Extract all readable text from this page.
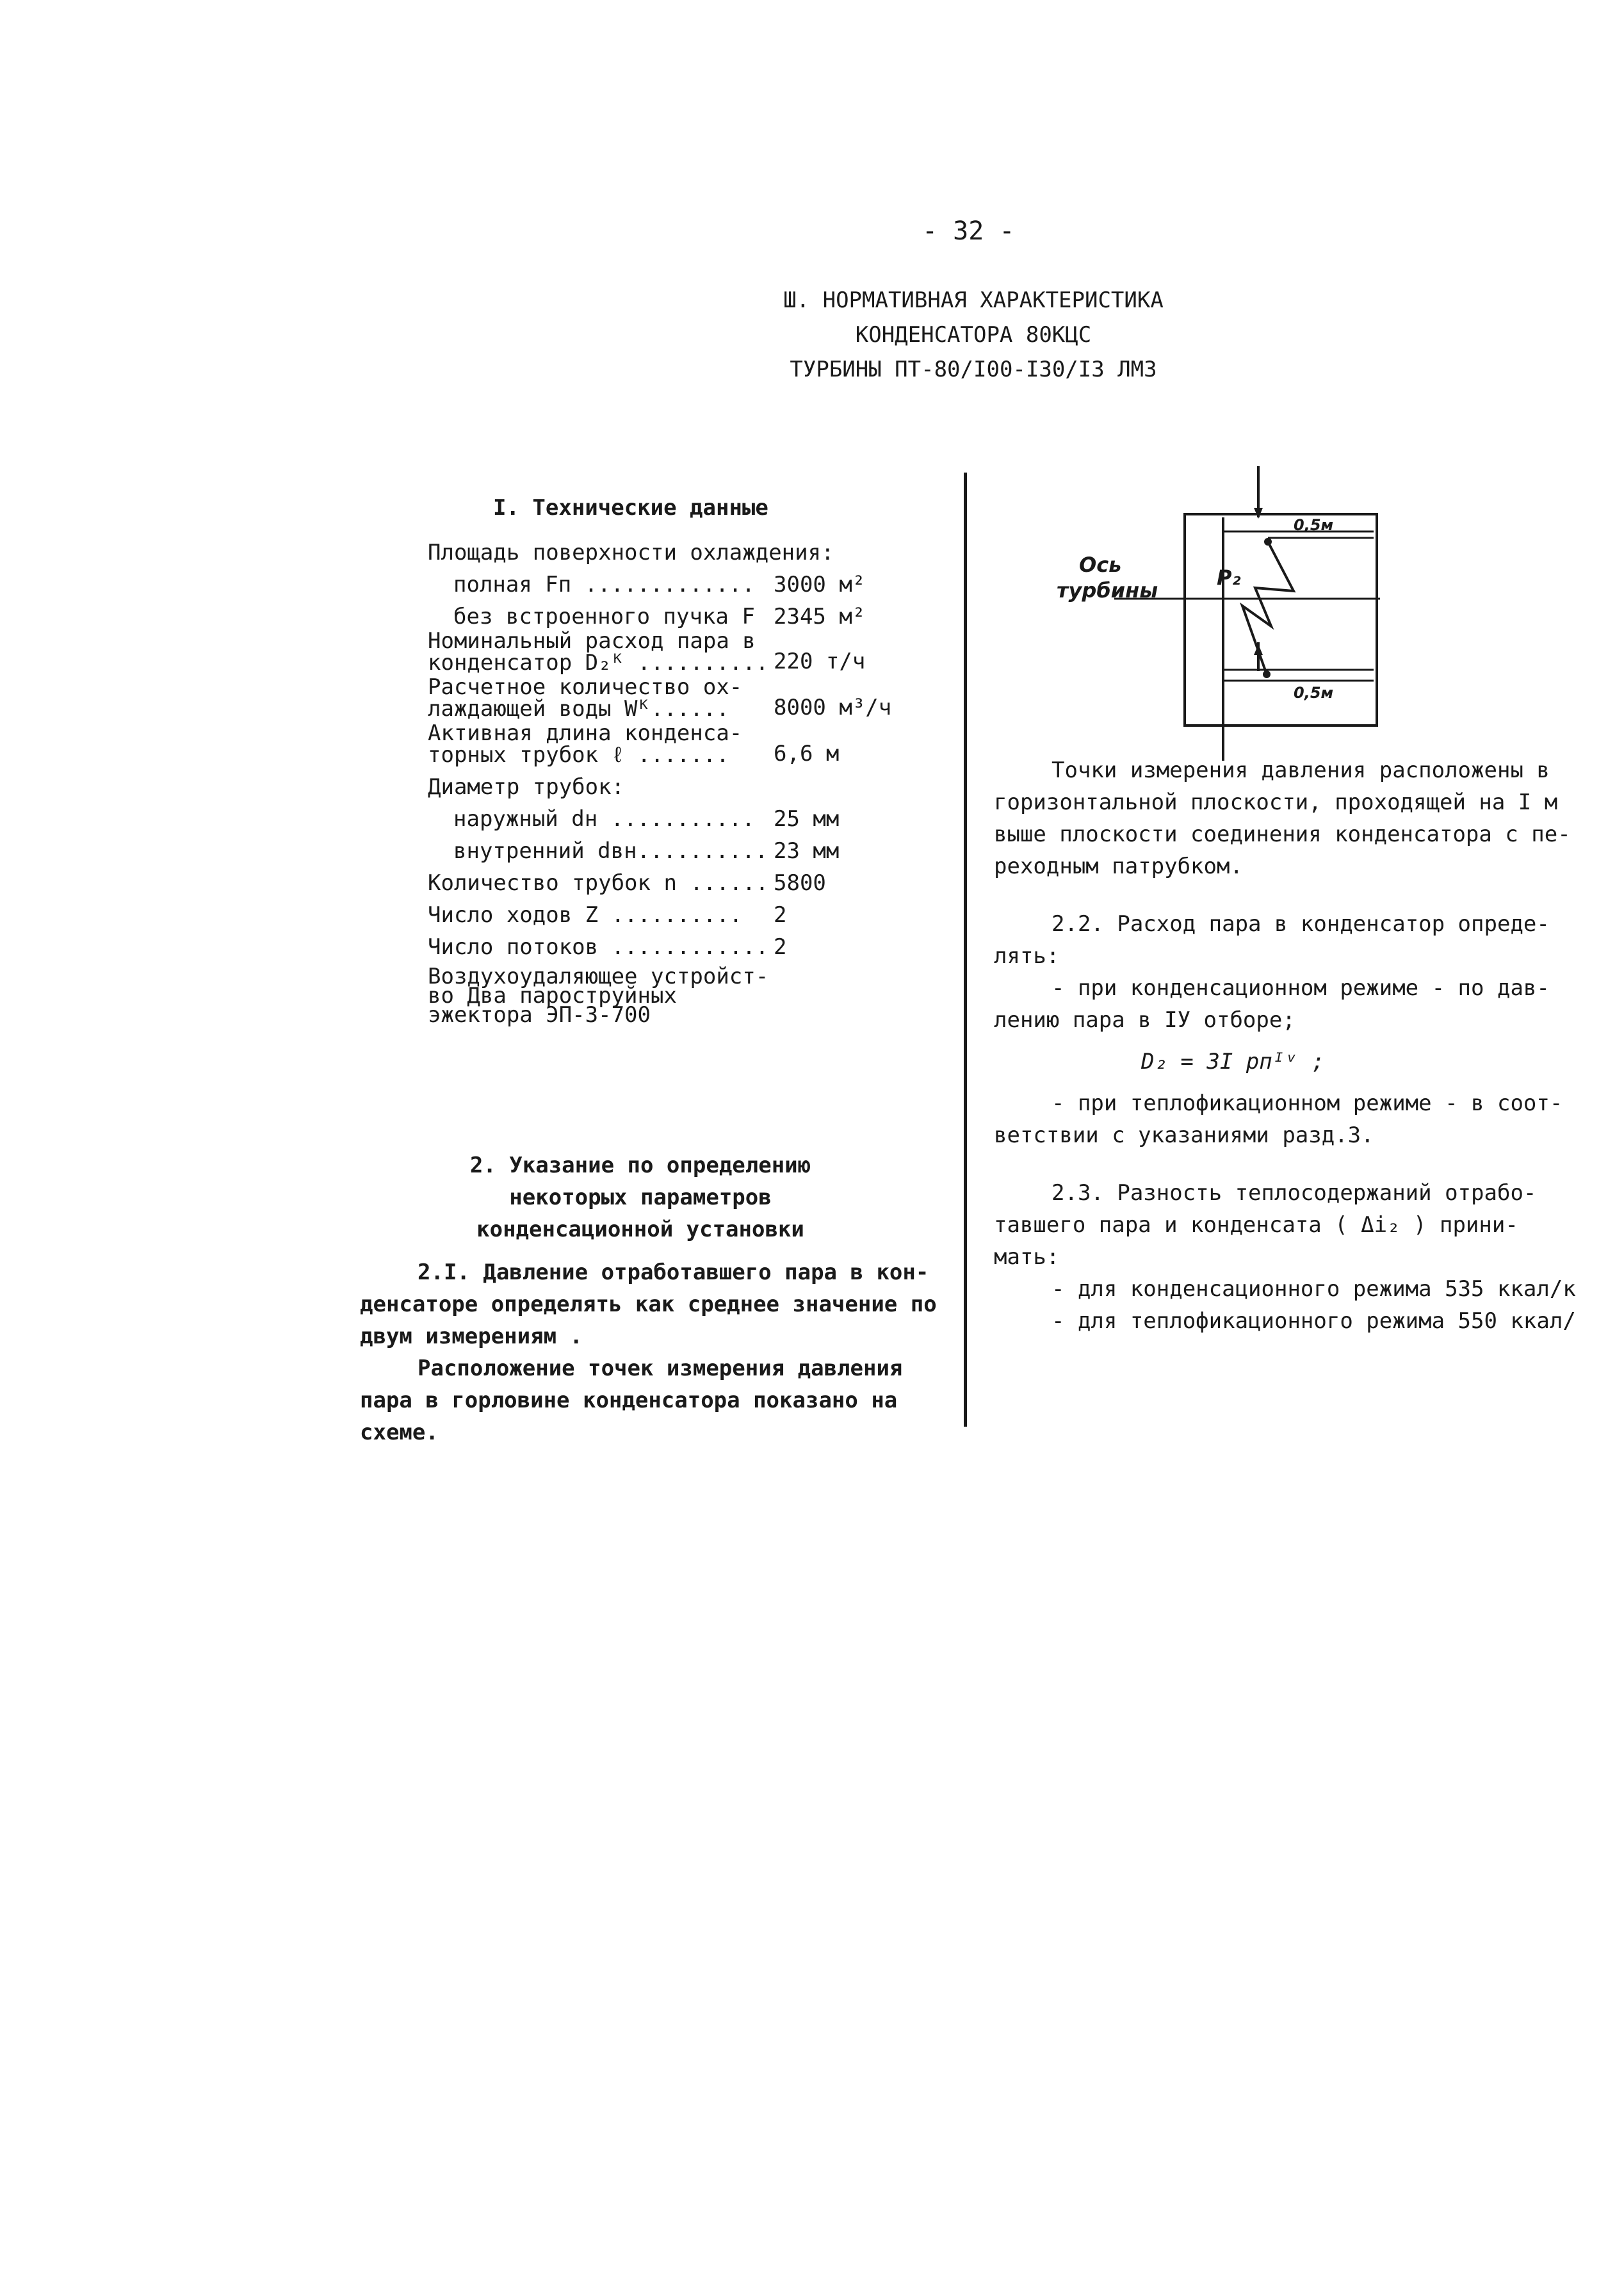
- 32 -
Ш. НОРМАТИВНАЯ ХАРАКТЕРИСТИКА
КОНДЕНСАТОРА 80КЦС
ТУРБИНЫ ПТ-80/I00-I30/I3 ЛМЗ
I. Технические данные
Площадь поверхности охлаждения:
полная Fп ............. 3000 м²
без встроенного пучка F 2345 м²
Номинальный расход пара в
конденсатор D₂ᴷ .......... 220 т/ч
Расчетное количество ох-
лаждающей воды Wᴷ......	8000 м³/ч
Активная длина конденса-
торных трубок ℓ .......	6,6 м
Диаметр трубок:
наружный dн ........... 25 мм
внутренний dвн.......... 23 мм
Количество трубок n ...... 5800
Число ходов Z .......... 2
Число потоков ............ 2
Воздухоудаляющее устройст-
во Два пароструйных
эжектора ЭП-3-700
2. Указание по определению
некоторых параметров
конденсационной установки
2.I. Давление отработавшего пара в кон-
денсаторе определять как среднее значение по
двум измерениям .
Расположение точек измерения давления
пара в горловине конденсатора показано на
схеме.
Ось
турбины
P₂
0,5м
0,5м
Точки измерения давления расположены в
горизонтальной плоскости, проходящей на I м
выше плоскости соединения конденсатора с пе-
реходным патрубком.
2.2. Расход пара в конденсатор опреде-
лять:
- при конденсационном режиме - по дав-
лению пара в IУ отборе;
D₂ = 3I pпᴵᵛ ;
- при теплофикационном режиме - в соот-
ветствии с указаниями разд.3.
2.3. Разность теплосодержаний отрабо-
тавшего пара и конденсата ( Δi₂ ) прини-
мать:
- для конденсационного режима 535 ккал/к
- для теплофикационного режима 550 ккал/
